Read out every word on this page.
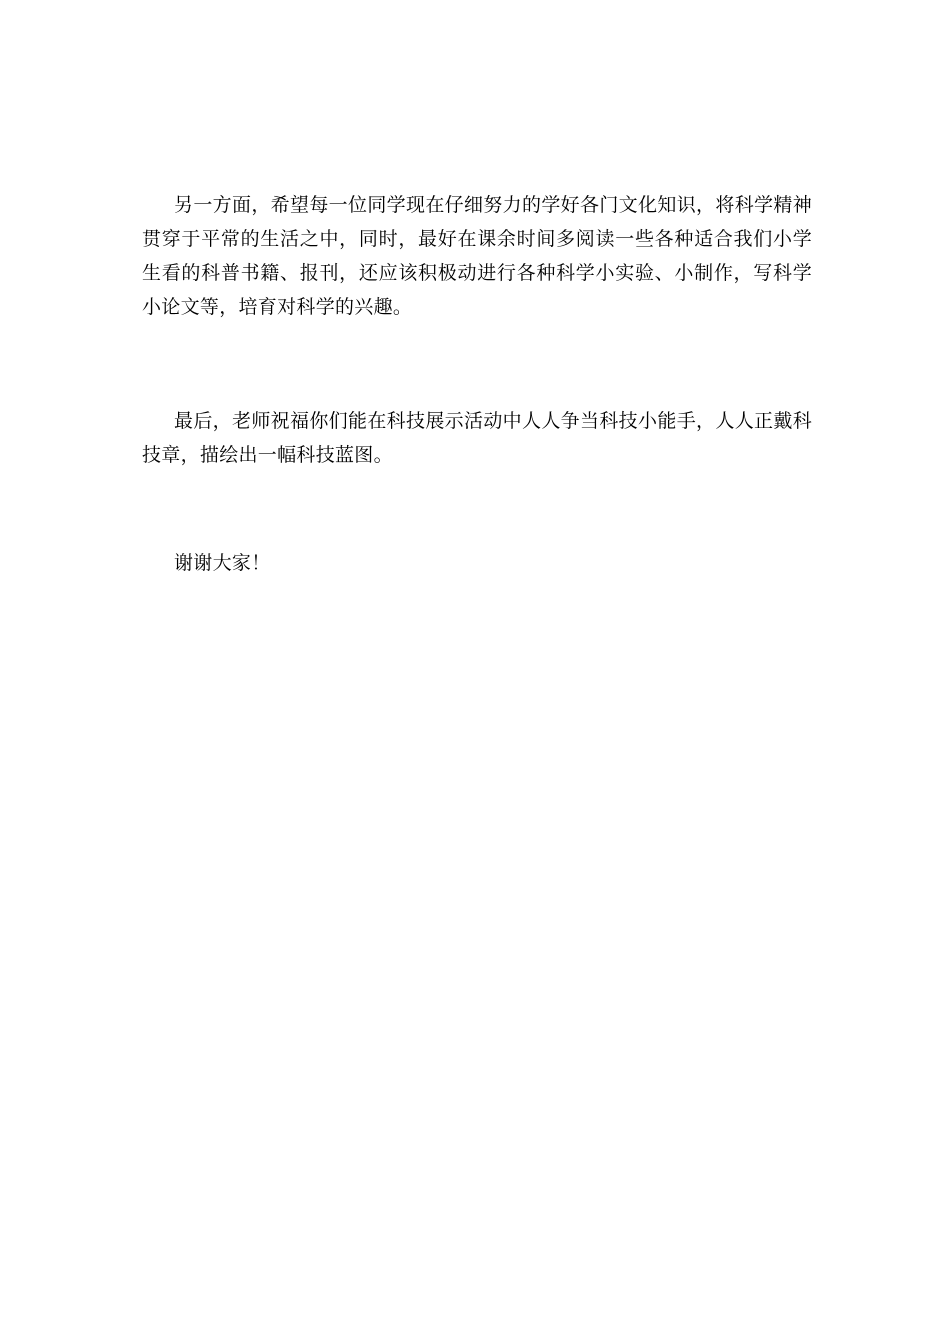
另一方面，希望每一位同学现在仔细努力的学好各门文化知识，将科学精神贯穿于平常的生活之中，同时，最好在课余时间多阅读一些各种适合我们小学生看的科普书籍、报刊，还应该积极动进行各种科学小实验、小制作，写科学小论文等，培育对科学的兴趣。

最后，老师祝福你们能在科技展示活动中人人争当科技小能手，人人正戴科技章，描绘出一幅科技蓝图。

谢谢大家！
